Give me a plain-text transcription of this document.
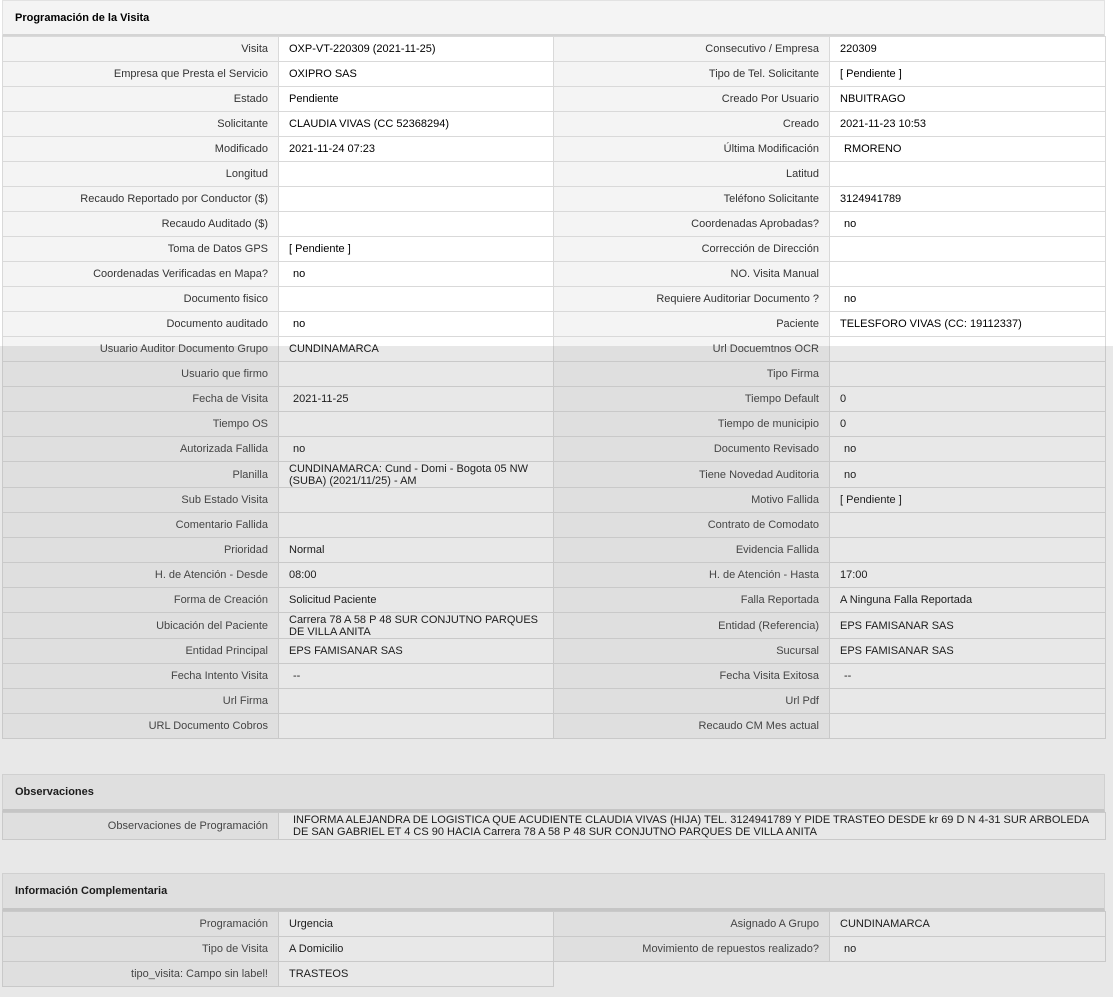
Programación de la Visita
Visita	OXP-VT-220309 (2021-11-25)	Consecutivo / Empresa	220309
Empresa que Presta el Servicio	OXIPRO SAS	Tipo de Tel. Solicitante	[ Pendiente ]
Estado	Pendiente	Creado Por Usuario	NBUITRAGO
Solicitante	CLAUDIA VIVAS (CC 52368294)	Creado	2021-11-23 10:53
Modificado	2021-11-24 07:23	Última Modificación	RMORENO
Longitud		Latitud	
Recaudo Reportado por Conductor ($)		Teléfono Solicitante	3124941789
Recaudo Auditado ($)		Coordenadas Aprobadas?	no
Toma de Datos GPS	[ Pendiente ]	Corrección de Dirección	
Coordenadas Verificadas en Mapa?	no	NO. Visita Manual	
Documento fisico		Requiere Auditoriar Documento ?	no
Documento auditado	no	Paciente	TELESFORO VIVAS (CC: 19112337)
Usuario Auditor Documento Grupo	CUNDINAMARCA	Url Docuemtnos OCR	
Usuario que firmo		Tipo Firma	
Fecha de Visita	2021-11-25	Tiempo Default	0
Tiempo OS		Tiempo de municipio	0
Autorizada Fallida	no	Documento Revisado	no
Planilla	CUNDINAMARCA: Cund - Domi - Bogota 05 NW (SUBA) (2021/11/25) - AM	Tiene Novedad Auditoria	no
Sub Estado Visita		Motivo Fallida	[ Pendiente ]
Comentario Fallida		Contrato de Comodato	
Prioridad	Normal	Evidencia Fallida	
H. de Atención - Desde	08:00	H. de Atención - Hasta	17:00
Forma de Creación	Solicitud Paciente	Falla Reportada	A Ninguna Falla Reportada
Ubicación del Paciente	Carrera 78 A 58 P 48 SUR CONJUTNO PARQUES DE VILLA ANITA	Entidad (Referencia)	EPS FAMISANAR SAS
Entidad Principal	EPS FAMISANAR SAS	Sucursal	EPS FAMISANAR SAS
Fecha Intento Visita	--	Fecha Visita Exitosa	--
Url Firma		Url Pdf	
URL Documento Cobros		Recaudo CM Mes actual	
Observaciones
Observaciones de Programación	INFORMA ALEJANDRA DE LOGISTICA QUE ACUDIENTE CLAUDIA VIVAS (HIJA) TEL. 3124941789 Y PIDE TRASTEO DESDE kr 69 D N 4-31 SUR ARBOLEDA DE SAN GABRIEL ET 4 CS 90 HACIA Carrera 78 A 58 P 48 SUR CONJUTNO PARQUES DE VILLA ANITA
Información Complementaria
Programación	Urgencia	Asignado A Grupo	CUNDINAMARCA
Tipo de Visita	A Domicilio	Movimiento de repuestos realizado?	no
tipo_visita: Campo sin label!	TRASTEOS		
